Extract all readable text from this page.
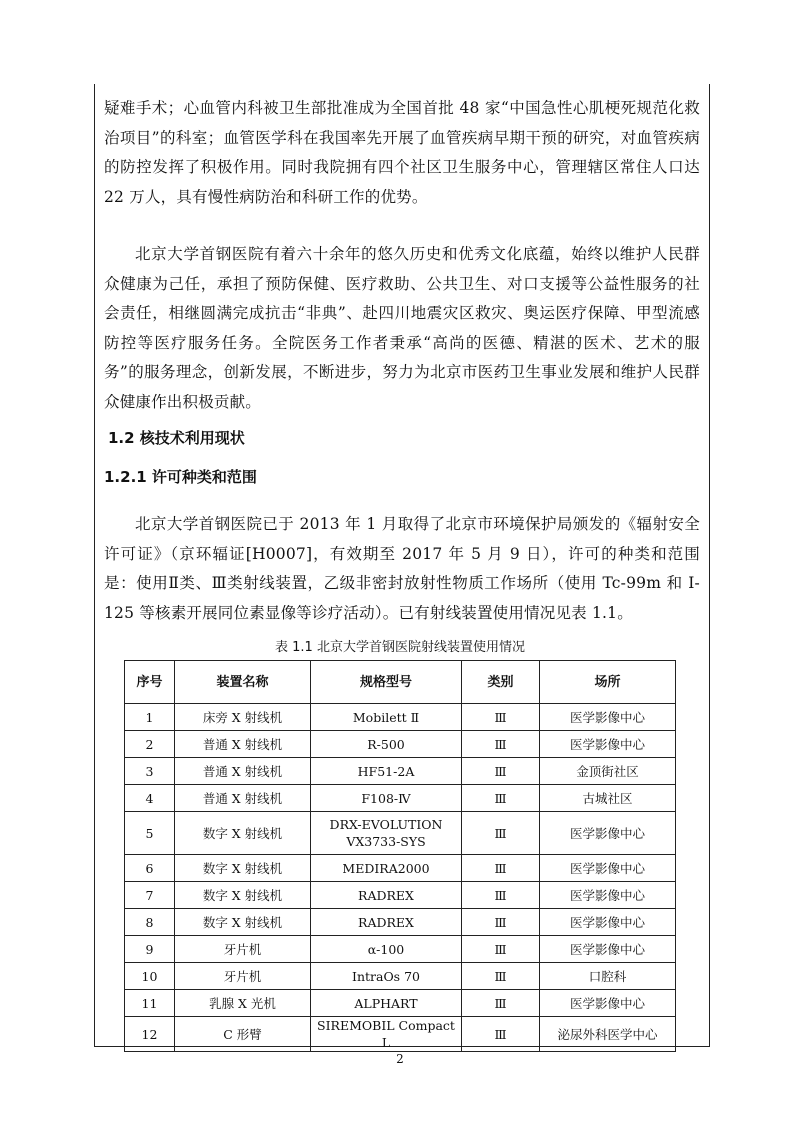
疑难手术；心血管内科被卫生部批准成为全国首批 48 家“中国急性心肌梗死规范化救治项目”的科室；血管医学科在我国率先开展了血管疾病早期干预的研究，对血管疾病的防控发挥了积极作用。同时我院拥有四个社区卫生服务中心，管理辖区常住人口达 22 万人，具有慢性病防治和科研工作的优势。

北京大学首钢医院有着六十余年的悠久历史和优秀文化底蕴，始终以维护人民群众健康为己任，承担了预防保健、医疗救助、公共卫生、对口支援等公益性服务的社会责任，相继圆满完成抗击“非典”、赴四川地震灾区救灾、奥运医疗保障、甲型流感防控等医疗服务任务。全院医务工作者秉承“高尚的医德、精湛的医术、艺术的服务”的服务理念，创新发展，不断进步，努力为北京市医药卫生事业发展和维护人民群众健康作出积极贡献。

1.2 核技术利用现状
1.2.1 许可种类和范围

北京大学首钢医院已于 2013 年 1 月取得了北京市环境保护局颁发的《辐射安全许可证》（京环辐证[H0007]，有效期至 2017 年 5 月 9 日），许可的种类和范围是：使用Ⅱ类、Ⅲ类射线装置，乙级非密封放射性物质工作场所（使用 Tc-99m 和 I-125 等核素开展同位素显像等诊疗活动）。已有射线装置使用情况见表 1.1。

表 1.1 北京大学首钢医院射线装置使用情况

序号	装置名称	规格型号	类别	场所
1	床旁 X 射线机	Mobilett Ⅱ	Ⅲ	医学影像中心
2	普通 X 射线机	R-500	Ⅲ	医学影像中心
3	普通 X 射线机	HF51-2A	Ⅲ	金顶街社区
4	普通 X 射线机	F108-Ⅳ	Ⅲ	古城社区
5	数字 X 射线机	DRX-EVOLUTION
VX3733-SYS	Ⅲ	医学影像中心
6	数字 X 射线机	MEDIRA2000	Ⅲ	医学影像中心
7	数字 X 射线机	RADREX	Ⅲ	医学影像中心
8	数字 X 射线机	RADREX	Ⅲ	医学影像中心
9	牙片机	α-100	Ⅲ	医学影像中心
10	牙片机	IntraOs 70	Ⅲ	口腔科
11	乳腺 X 光机	ALPHART	Ⅲ	医学影像中心
12	C 形臂	SIREMOBIL Compact L	Ⅲ	泌尿外科医学中心

2
